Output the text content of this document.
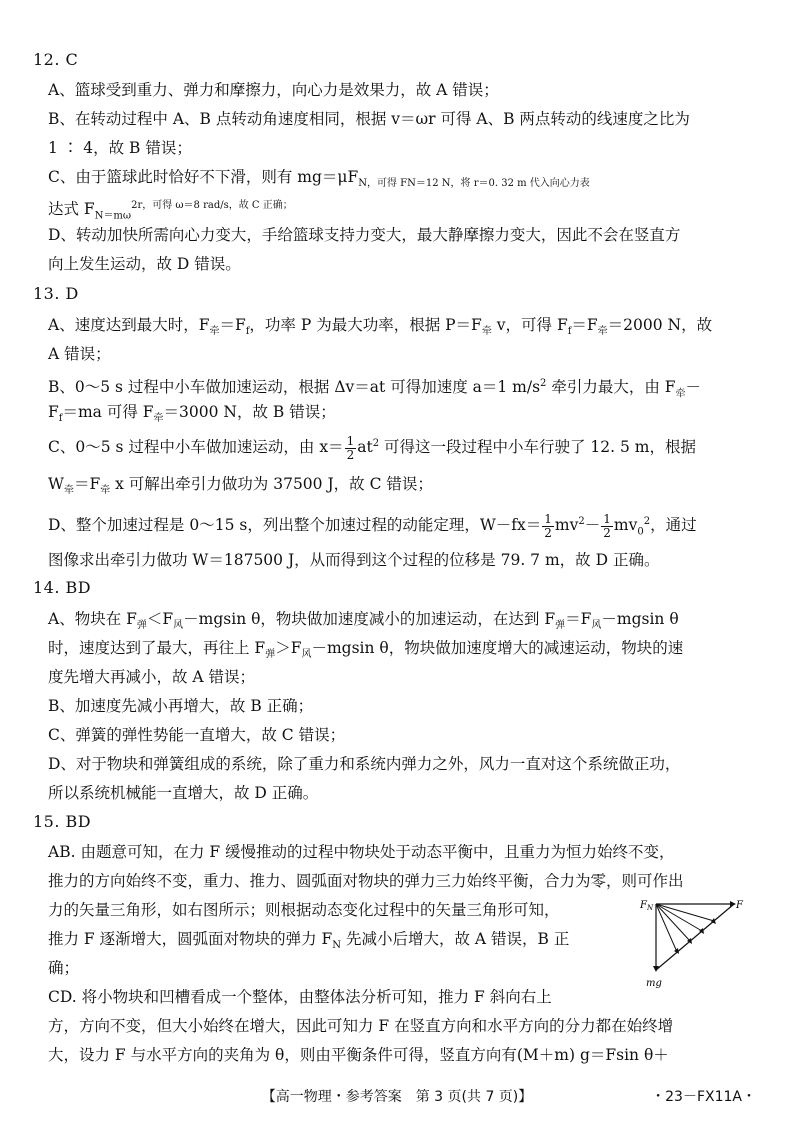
12. C
A、篮球受到重力、弹力和摩擦力，向心力是效果力，故 A 错误；
B、在转动过程中 A、B 点转动角速度相同，根据 v＝ωr 可得 A、B 两点转动的线速度之比为
1 ∶ 4，故 B 错误；
C、由于篮球此时恰好不下滑，则有 $mg=\mu F_{N,可得 FN=12 N,将 r=0. 32 m 代入向心力表}$
达式 $F_{N=m\omega}^{2r,可得 \omega=8 rad/s,故 C 正确;}$
D、转动加快所需向心力变大，手给篮球支持力变大，最大静摩擦力变大，因此不会在竖直方
向上发生运动，故 D 错误。
13. D
A、速度达到最大时，$F_牵=F_f$，功率 P 为最大功率，根据 $P=F_牵$ v，可得 $F_f=F_牵=2000$ N，故
A 错误；
B、0～5 s 过程中小车做加速运动，根据 Δv＝at 可得加速度 a＝1 $m/s^2$ 牵引力最大，由 $F_牵-$
$F_f=ma$ 可得 $F_牵=3000$ N，故 B 错误；
C、0～5 s 过程中小车做加速运动，由 $x= \frac{1}{2} at^2$ 可得这一段过程中小车行驶了 12. 5 m，根据
$W_牵=F_牵$ x 可解出牵引力做功为 37500 J，故 C 错误；
D、整个加速过程是 0～15 s，列出整个加速过程的动能定理，$W-fx= \frac{1}{2} mv^2- \frac{1}{2} mv_0^2$，通过
图像求出牵引力做功 W＝187500 J，从而得到这个过程的位移是 79. 7 m，故 D 正确。
14. BD
A、物块在 $F_弹<F_风-mgsin$ θ，物块做加速度减小的加速运动，在达到 $F_弹=F_风-mgsin$ θ
时，速度达到了最大，再往上 $F_弹>F_风-mgsin$ θ，物块做加速度增大的减速运动，物块的速
度先增大再减小，故 A 错误；
B、加速度先减小再增大，故 B 正确；
C、弹簧的弹性势能一直增大，故 C 错误；
D、对于物块和弹簧组成的系统，除了重力和系统内弹力之外，风力一直对这个系统做正功，
所以系统机械能一直增大，故 D 正确。
15. BD
AB. 由题意可知，在力 F 缓慢推动的过程中物块处于动态平衡中，且重力为恒力始终不变，
推力的方向始终不变，重力、推力、圆弧面对物块的弹力三力始终平衡，合力为零，则可作出
力的矢量三角形，如右图所示；则根据动态变化过程中的矢量三角形可知，
推力 F 逐渐增大，圆弧面对物块的弹力 $F_N$ 先减小后增大，故 A 错误，B 正
确；
CD. 将小物块和凹槽看成一个整体，由整体法分析可知，推力 F 斜向右上
方，方向不变，但大小始终在增大，因此可知力 F 在竖直方向和水平方向的分力都在始终增
大，设力 F 与水平方向的夹角为 θ，则由平衡条件可得，竖直方向有(M＋m) g＝Fsin θ＋
$F_N$	F
mg
【高一物理・参考答案　第 3 页(共 7 页)】	・23－FX11A・
